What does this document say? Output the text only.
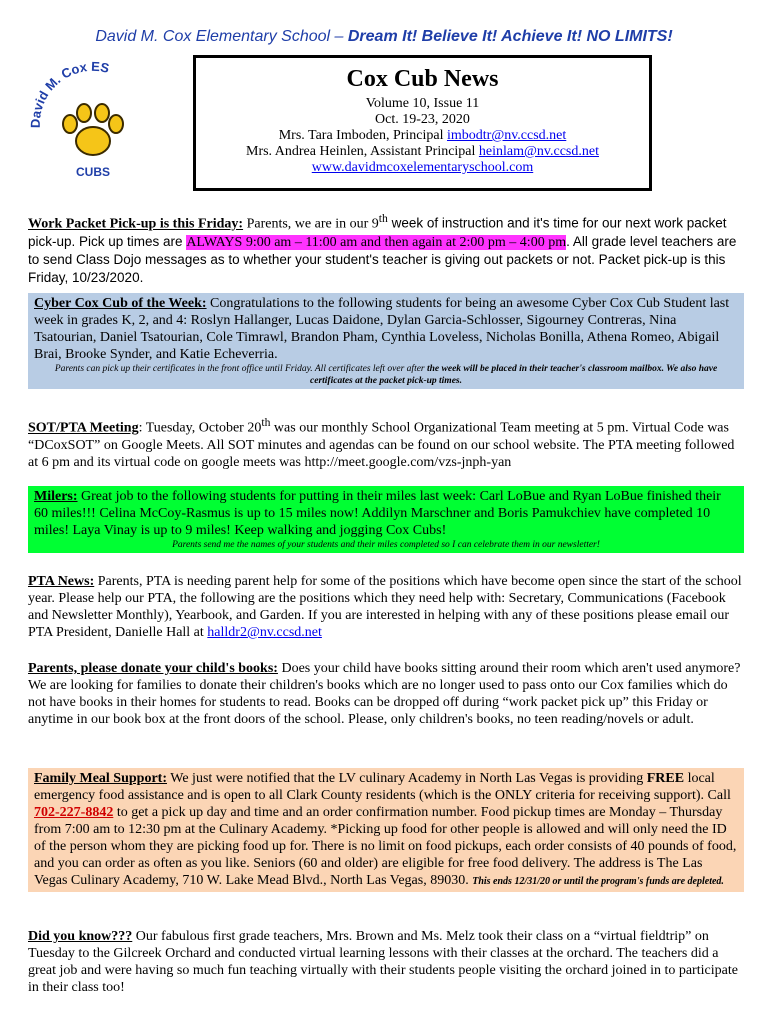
David M. Cox Elementary School – Dream It! Believe It! Achieve It! NO LIMITS!
David M. Cox ES
CUBS
Cox Cub News
Volume 10, Issue 11
Oct. 19-23, 2020
Mrs. Tara Imboden, Principal imbodtr@nv.ccsd.net
Mrs. Andrea Heinlen, Assistant Principal heinlam@nv.ccsd.net
www.davidmcoxelementaryschool.com
Work Packet Pick-up is this Friday: Parents, we are in our 9th week of instruction and it's time for our next work packet pick-up. Pick up times are ALWAYS 9:00 am – 11:00 am and then again at 2:00 pm – 4:00 pm. All grade level teachers are to send Class Dojo messages as to whether your student's teacher is giving out packets or not. Packet pick-up is this Friday, 10/23/2020.
Cyber Cox Cub of the Week: Congratulations to the following students for being an awesome Cyber Cox Cub Student last week in grades K, 2, and 4: Roslyn Hallanger, Lucas Daidone, Dylan Garcia-Schlosser, Sigourney Contreras, Nina Tsatourian, Daniel Tsatourian, Cole Timrawl, Brandon Pham, Cynthia Loveless, Nicholas Bonilla, Athena Romeo, Abigail Brai, Brooke Synder, and Katie Echeverria.
Parents can pick up their certificates in the front office until Friday. All certificates left over after the week will be placed in their teacher's classroom mailbox. We also have certificates at the packet pick-up times.
SOT/PTA Meeting: Tuesday, October 20th was our monthly School Organizational Team meeting at 5 pm. Virtual Code was “DCoxSOT” on Google Meets. All SOT minutes and agendas can be found on our school website. The PTA meeting followed at 6 pm and its virtual code on google meets was http://meet.google.com/vzs-jnph-yan
Milers: Great job to the following students for putting in their miles last week: Carl LoBue and Ryan LoBue finished their 60 miles!!! Celina McCoy-Rasmus is up to 15 miles now! Addilyn Marschner and Boris Pamukchiev have completed 10 miles! Laya Vinay is up to 9 miles! Keep walking and jogging Cox Cubs!
Parents send me the names of your students and their miles completed so I can celebrate them in our newsletter!
PTA News: Parents, PTA is needing parent help for some of the positions which have become open since the start of the school year. Please help our PTA, the following are the positions which they need help with: Secretary, Communications (Facebook and Newsletter Monthly), Yearbook, and Garden. If you are interested in helping with any of these positions please email our PTA President, Danielle Hall at halldr2@nv.ccsd.net
Parents, please donate your child's books: Does your child have books sitting around their room which aren't used anymore? We are looking for families to donate their children's books which are no longer used to pass onto our Cox families which do not have books in their homes for students to read. Books can be dropped off during “work packet pick up” this Friday or anytime in our book box at the front doors of the school. Please, only children's books, no teen reading/novels or adult.
Family Meal Support: We just were notified that the LV culinary Academy in North Las Vegas is providing FREE local emergency food assistance and is open to all Clark County residents (which is the ONLY criteria for receiving support). Call 702-227-8842 to get a pick up day and time and an order confirmation number. Food pickup times are Monday – Thursday from 7:00 am to 12:30 pm at the Culinary Academy. *Picking up food for other people is allowed and will only need the ID of the person whom they are picking food up for. There is no limit on food pickups, each order consists of 40 pounds of food, and you can order as often as you like. Seniors (60 and older) are eligible for free food delivery. The address is The Las Vegas Culinary Academy, 710 W. Lake Mead Blvd., North Las Vegas, 89030. This ends 12/31/20 or until the program's funds are depleted.
Did you know??? Our fabulous first grade teachers, Mrs. Brown and Ms. Melz took their class on a “virtual fieldtrip” on Tuesday to the Gilcreek Orchard and conducted virtual learning lessons with their classes at the orchard. The teachers did a great job and were having so much fun teaching virtually with their students people visiting the orchard joined in to participate in their class too!
